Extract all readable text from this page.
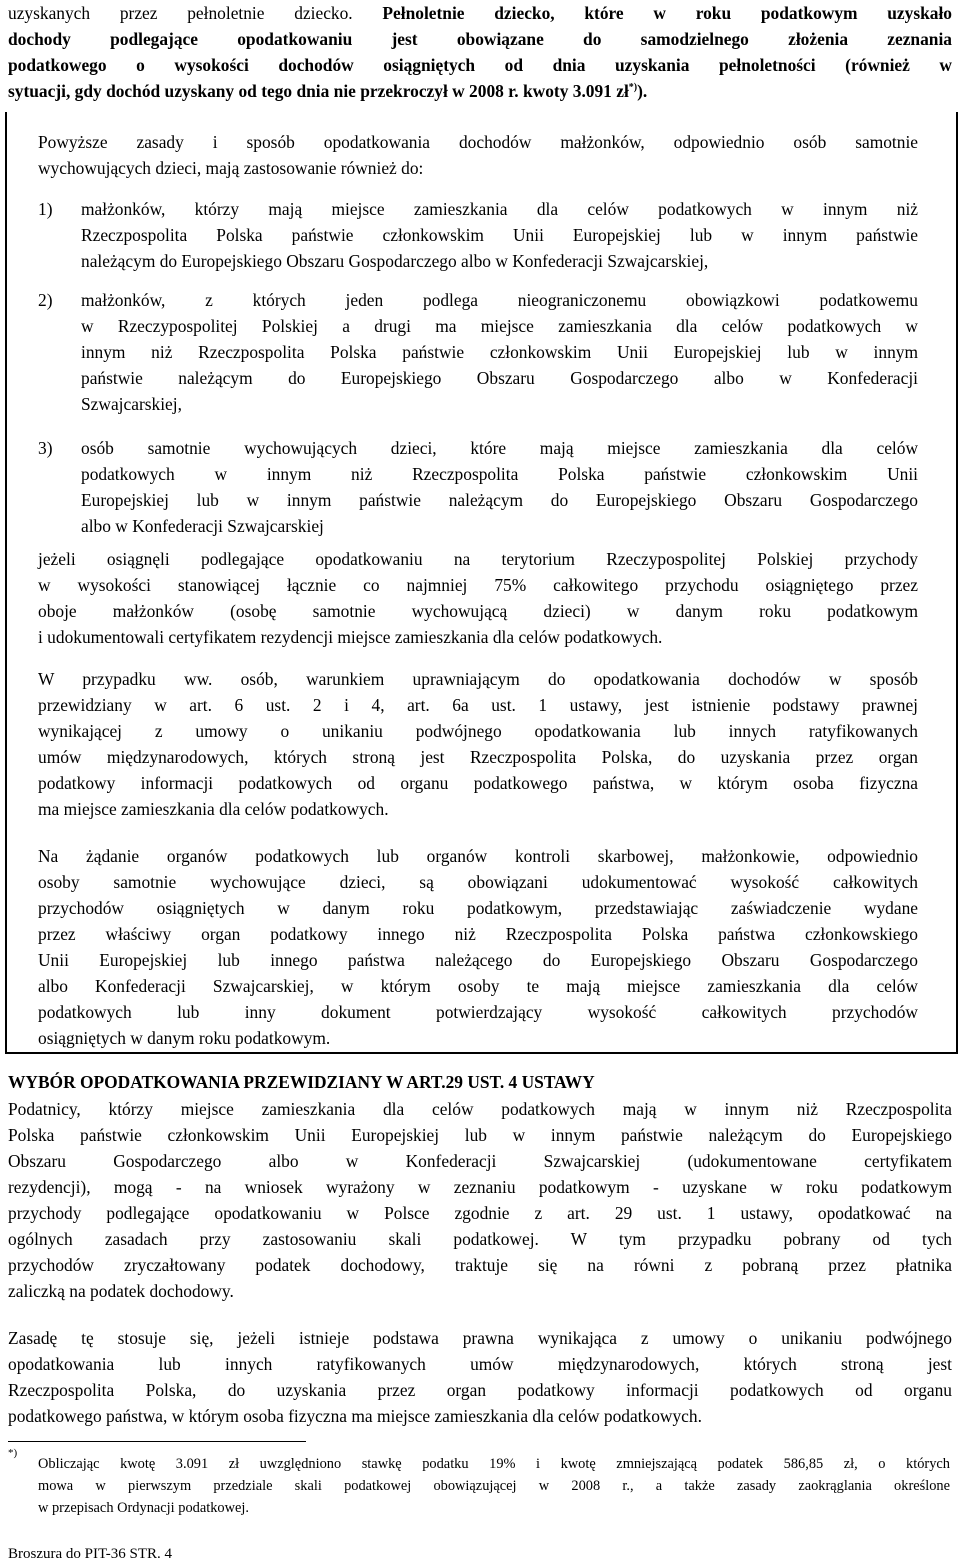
uzyskanych przez pełnoletnie dziecko. Pełnoletnie dziecko, które w roku podatkowym uzyskało
dochody podlegające opodatkowaniu jest obowiązane do samodzielnego złożenia zeznania
podatkowego o wysokości dochodów osiągniętych od dnia uzyskania pełnoletności (również w
sytuacji, gdy dochód uzyskany od tego dnia nie przekroczył w 2008 r. kwoty 3.091 zł*)).
Powyższe zasady i sposób opodatkowania dochodów małżonków, odpowiednio osób samotnie
wychowujących dzieci, mają zastosowanie również do:
1) małżonków, którzy mają miejsce zamieszkania dla celów podatkowych w innym niż
Rzeczpospolita Polska państwie członkowskim Unii Europejskiej lub w innym państwie
należącym do Europejskiego Obszaru Gospodarczego albo w Konfederacji Szwajcarskiej,
2) małżonków, z których jeden podlega nieograniczonemu obowiązkowi podatkowemu
w Rzeczypospolitej Polskiej a drugi ma miejsce zamieszkania dla celów podatkowych w
innym niż Rzeczpospolita Polska państwie członkowskim Unii Europejskiej lub w innym
państwie należącym do Europejskiego Obszaru Gospodarczego albo w Konfederacji
Szwajcarskiej,
3) osób samotnie wychowujących dzieci, które mają miejsce zamieszkania dla celów
podatkowych w innym niż Rzeczpospolita Polska państwie członkowskim Unii
Europejskiej lub w innym państwie należącym do Europejskiego Obszaru Gospodarczego
albo w Konfederacji Szwajcarskiej
jeżeli osiągnęli podlegające opodatkowaniu na terytorium Rzeczypospolitej Polskiej przychody
w wysokości stanowiącej łącznie co najmniej 75% całkowitego przychodu osiągniętego przez
oboje małżonków (osobę samotnie wychowującą dzieci) w danym roku podatkowym
i udokumentowali certyfikatem rezydencji miejsce zamieszkania dla celów podatkowych.
W przypadku ww. osób, warunkiem uprawniającym do opodatkowania dochodów w sposób
przewidziany w art. 6 ust. 2 i 4, art. 6a ust. 1 ustawy, jest istnienie podstawy prawnej
wynikającej z umowy o unikaniu podwójnego opodatkowania lub innych ratyfikowanych
umów międzynarodowych, których stroną jest Rzeczpospolita Polska, do uzyskania przez organ
podatkowy informacji podatkowych od organu podatkowego państwa, w którym osoba fizyczna
ma miejsce zamieszkania dla celów podatkowych.
Na żądanie organów podatkowych lub organów kontroli skarbowej, małżonkowie, odpowiednio
osoby samotnie wychowujące dzieci, są obowiązani udokumentować wysokość całkowitych
przychodów osiągniętych w danym roku podatkowym, przedstawiając zaświadczenie wydane
przez właściwy organ podatkowy innego niż Rzeczpospolita Polska państwa członkowskiego
Unii Europejskiej lub innego państwa należącego do Europejskiego Obszaru Gospodarczego
albo Konfederacji Szwajcarskiej, w którym osoby te mają miejsce zamieszkania dla celów
podatkowych lub inny dokument potwierdzający wysokość całkowitych przychodów
osiągniętych w danym roku podatkowym.
WYBÓR OPODATKOWANIA PRZEWIDZIANY W ART.29 UST. 4 USTAWY
Podatnicy, którzy miejsce zamieszkania dla celów podatkowych mają w innym niż Rzeczpospolita
Polska państwie członkowskim Unii Europejskiej lub w innym państwie należącym do Europejskiego
Obszaru Gospodarczego albo w Konfederacji Szwajcarskiej (udokumentowane certyfikatem
rezydencji), mogą - na wniosek wyrażony w zeznaniu podatkowym - uzyskane w roku podatkowym
przychody podlegające opodatkowaniu w Polsce zgodnie z art. 29 ust. 1 ustawy, opodatkować na
ogólnych zasadach przy zastosowaniu skali podatkowej. W tym przypadku pobrany od tych
przychodów zryczałtowany podatek dochodowy, traktuje się na równi z pobraną przez płatnika
zaliczką na podatek dochodowy.
Zasadę tę stosuje się, jeżeli istnieje podstawa prawna wynikająca z umowy o unikaniu podwójnego
opodatkowania lub innych ratyfikowanych umów międzynarodowych, których stroną jest
Rzeczpospolita Polska, do uzyskania przez organ podatkowy informacji podatkowych od organu
podatkowego państwa, w którym osoba fizyczna ma miejsce zamieszkania dla celów podatkowych.
*)
Obliczając kwotę 3.091 zł uwzględniono stawkę podatku 19% i kwotę zmniejszającą podatek 586,85 zł, o których
mowa w pierwszym przedziale skali podatkowej obowiązującej w 2008 r., a także zasady zaokrąglania określone
w przepisach Ordynacji podatkowej.
Broszura do PIT-36 STR. 4
